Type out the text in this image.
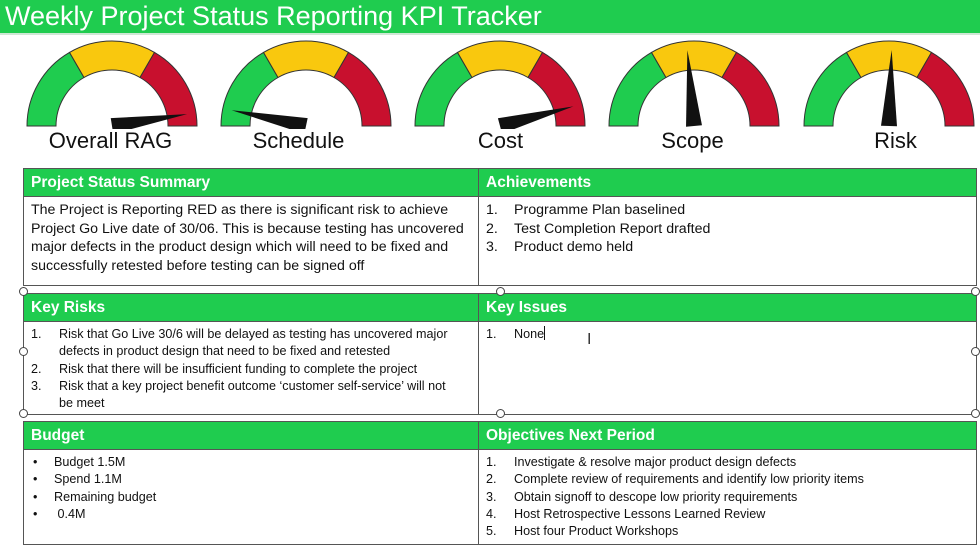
Weekly Project Status Reporting KPI Tracker
Overall RAG	Schedule	Cost	Scope	Risk
Project Status Summary
The Project is Reporting RED as there is significant risk to achieve
Project Go Live date of 30/06. This is because testing has uncovered
major defects in the product design which will need to be fixed and
successfully retested before testing can be signed off
Achievements
1. Programme Plan baselined
2. Test Completion Report drafted
3. Product demo held
Key Risks
1. Risk that Go Live 30/6 will be delayed as testing has uncovered major
defects in product design that need to be fixed and retested
2. Risk that there will be insufficient funding to complete the project
3. Risk that a key project benefit outcome ‘customer self-service’ will not
be meet
Key Issues
1. None	I
Budget
• Budget 1.5M
• Spend 1.1M
• Remaining budget
• 0.4M
Objectives Next Period
1. Investigate & resolve major product design defects
2. Complete review of requirements and identify low priority items
3. Obtain signoff to descope low priority requirements
4. Host Retrospective Lessons Learned Review
5. Host four Product Workshops
